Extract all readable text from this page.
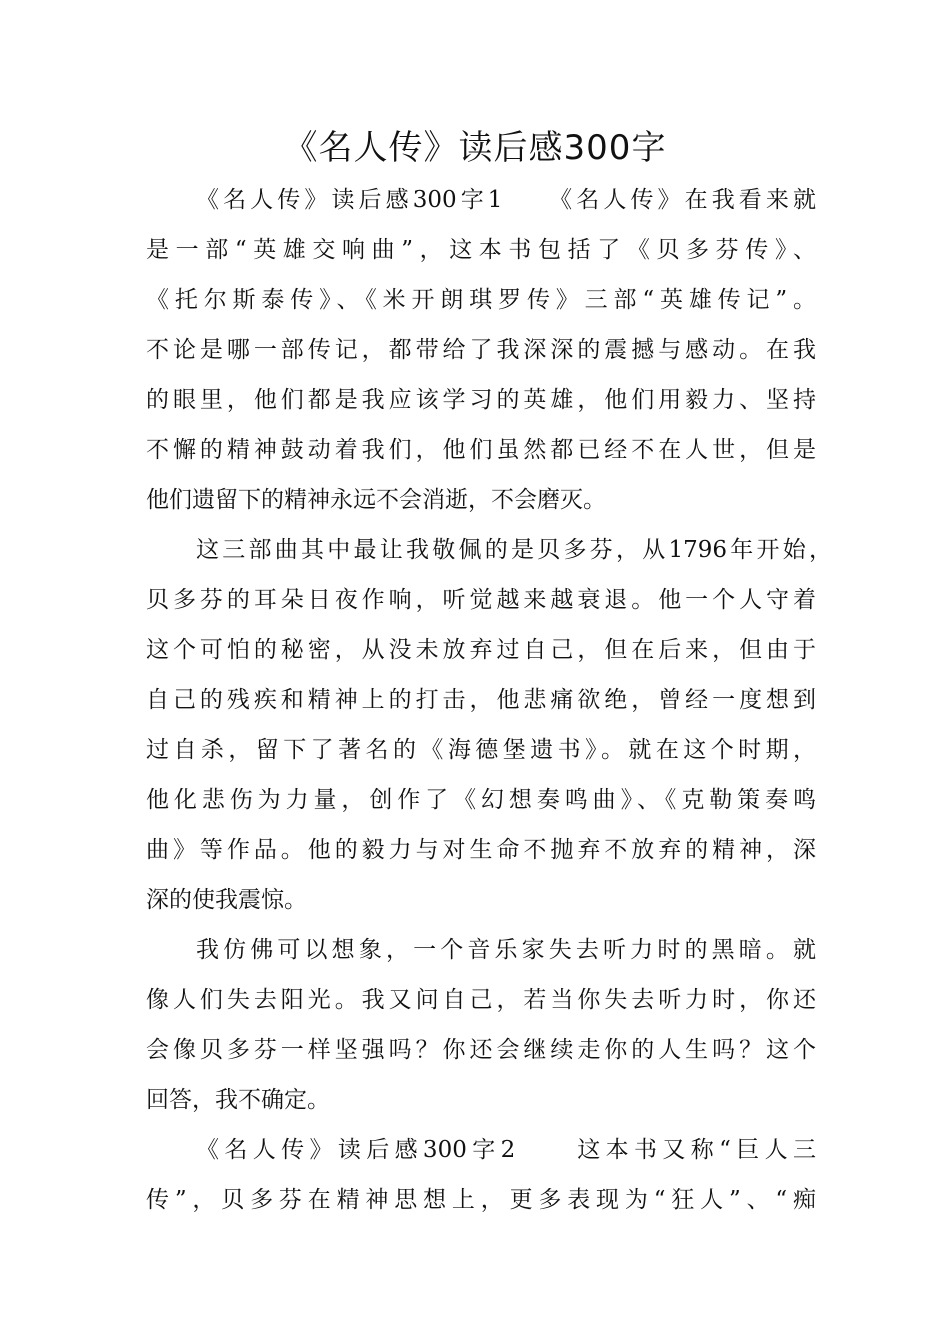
《名人传》读后感300字
《名人传》读后感300字1　　《名人传》在我看来就
是一部“英雄交响曲”，这本书包括了《贝多芬传》、
《托尔斯泰传》、《米开朗琪罗传》三部“英雄传记”。
不论是哪一部传记，都带给了我深深的震撼与感动。在我
的眼里，他们都是我应该学习的英雄，他们用毅力、坚持
不懈的精神鼓动着我们，他们虽然都已经不在人世，但是
他们遗留下的精神永远不会消逝，不会磨灭。
这三部曲其中最让我敬佩的是贝多芬，从1796年开始，
贝多芬的耳朵日夜作响，听觉越来越衰退。他一个人守着
这个可怕的秘密，从没未放弃过自己，但在后来，但由于
自己的残疾和精神上的打击，他悲痛欲绝，曾经一度想到
过自杀，留下了著名的《海德堡遗书》。就在这个时期，
他化悲伤为力量，创作了《幻想奏鸣曲》、《克勒策奏鸣
曲》等作品。他的毅力与对生命不抛弃不放弃的精神，深
深的使我震惊。
我仿佛可以想象，一个音乐家失去听力时的黑暗。就
像人们失去阳光。我又问自己，若当你失去听力时，你还
会像贝多芬一样坚强吗？你还会继续走你的人生吗？这个
回答，我不确定。
《名人传》读后感300字2　　这本书又称“巨人三
传”，贝多芬在精神思想上，更多表现为“狂人”、“痴
